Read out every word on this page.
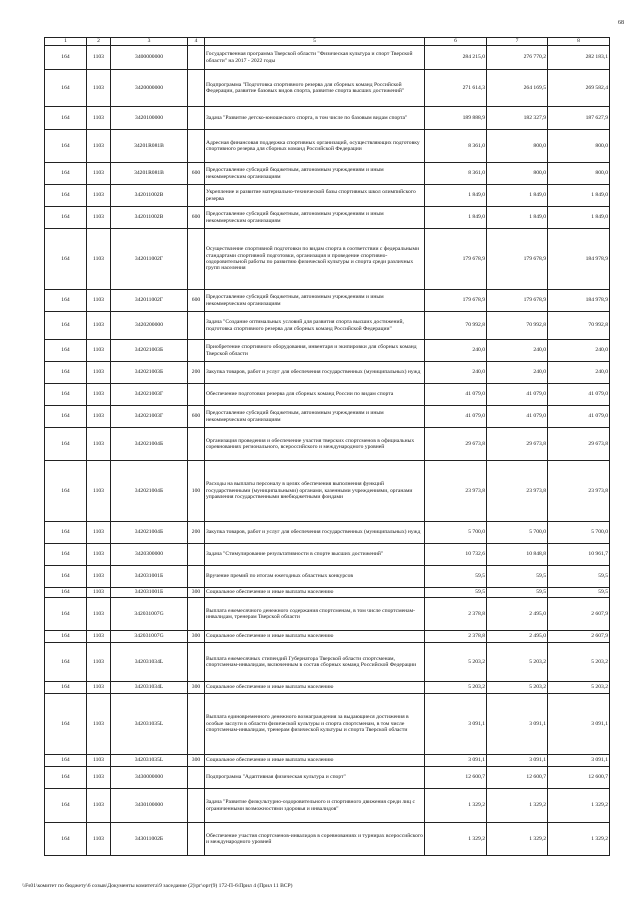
68
1	2	3	4	5	6	7	8
164	1103	3400000000		Государственная программа Тверской области "Физическая культура и спорт Тверской области" на 2017 - 2022 годы	284 215,0	276 770,2	282 183,1
164	1103	3420000000		Подпрограмма "Подготовка спортивного резерва для сборных команд Российской Федерации, развитие базовых видов спорта, развитие спорта высших достижений"	271 614,3	264 169,5	269 582,4
164	1103	3420100000		Задача "Развитие детско-юношеского спорта, в том числе по базовым видам спорта"	189 888,9	182 327,9	187 627,9
164	1103	34201R081В		Адресная финансовая поддержка спортивных организаций, осуществляющих подготовку спортивного резерва для сборных команд Российской Федерации	8 361,0	800,0	800,0
164	1103	34201R081В	600	Предоставление субсидий бюджетным, автономным учреждениям и иным некоммерческим организациям	8 361,0	800,0	800,0
164	1103	342011002В		Укрепление и развитие материально-технической базы спортивных школ олимпийского резерва	1 849,0	1 849,0	1 849,0
164	1103	342011002В	600	Предоставление субсидий бюджетным, автономным учреждениям и иным некоммерческим организациям	1 849,0	1 849,0	1 849,0
164	1103	342011002Г		Осуществление спортивной подготовки по видам спорта в соответствии с федеральными стандартами спортивной подготовки, организация и проведение спортивно-оздоровительной работы по развитию физической культуры и спорта среди различных групп населения	179 678,9	179 678,9	184 978,9
164	1103	342011002Г	600	Предоставление субсидий бюджетным, автономным учреждениям и иным некоммерческим организациям	179 678,9	179 678,9	184 978,9
164	1103	3420200000		Задача "Создание оптимальных условий для развития спорта высших достижений, подготовка спортивного резерва для сборных команд Российской Федерации"	70 992,8	70 992,8	70 992,8
164	1103	342021003Б		Приобретение спортивного оборудования, инвентаря и экипировки для сборных команд Тверской области	240,0	240,0	240,0
164	1103	342021003Б	200	Закупка товаров, работ и услуг для обеспечения государственных (муниципальных) нужд	240,0	240,0	240,0
164	1103	342021003Г		Обеспечение подготовки резерва для сборных команд России по видам спорта	41 079,0	41 079,0	41 079,0
164	1103	342021003Г	600	Предоставление субсидий бюджетным, автономным учреждениям и иным некоммерческим организациям	41 079,0	41 079,0	41 079,0
164	1103	342021004Б		Организация проведения и обеспечение участия тверских спортсменов в официальных соревнованиях регионального, всероссийского и международного уровней	29 673,8	29 673,8	29 673,8
164	1103	342021004Б	100	Расходы на выплаты персоналу в целях обеспечения выполнения функций государственными (муниципальными) органами, казенными учреждениями, органами управления государственными внебюджетными фондами	23 973,8	23 973,8	23 973,8
164	1103	342021004Б	200	Закупка товаров, работ и услуг для обеспечения государственных (муниципальных) нужд	5 700,0	5 700,0	5 700,0
164	1103	3420300000		Задача "Стимулирование результативности в спорте высших достижений"	10 732,6	10 848,8	10 961,7
164	1103	342031001Б		Вручение премий по итогам ежегодных областных конкурсов	59,5	59,5	59,5
164	1103	342031001Б	300	Социальное обеспечение и иные выплаты населению	59,5	59,5	59,5
164	1103	342031007G		Выплата ежемесячного денежного содержания спортсменам, в том числе спортсменам-инвалидам, тренерам Тверской области	2 378,8	2 495,0	2 607,9
164	1103	342031007G	300	Социальное обеспечение и иные выплаты населению	2 378,8	2 495,0	2 607,9
164	1103	342031034L		Выплата ежемесячных стипендий Губернатора Тверской области спортсменам, спортсменам-инвалидам, включенным в состав сборных команд Российской Федерации	5 203,2	5 203,2	5 203,2
164	1103	342031034L	300	Социальное обеспечение и иные выплаты населению	5 203,2	5 203,2	5 203,2
164	1103	342031035L		Выплата единовременного денежного вознаграждения за выдающиеся достижения в особые заслуги в области физической культуры и спорта спортсменам, в том числе спортсменам-инвалидам, тренерам физической культуры и спорта Тверской области	3 091,1	3 091,1	3 091,1
164	1103	342031035L	300	Социальное обеспечение и иные выплаты населению	3 091,1	3 091,1	3 091,1
164	1103	3430000000		Подпрограмма "Адаптивная физическая культура и спорт"	12 600,7	12 600,7	12 600,7
164	1103	3430100000		Задача "Развитие физкультурно-оздоровительного и спортивного движения среди лиц с ограниченными возможностями здоровья и инвалидов"	1 329,2	1 329,2	1 329,2
164	1103	343011002Б		Обеспечение участия спортсменов-инвалидов в соревнованиях и турнирах всероссийского и международного уровней	1 329,2	1 329,2	1 329,2
\\Fs01\комитет по бюджету\6 созыв\Документы комитета\9 заседание (2)\рг\орг(9) 172-П-6\Прил 4 (Прил 11 ВСР)
